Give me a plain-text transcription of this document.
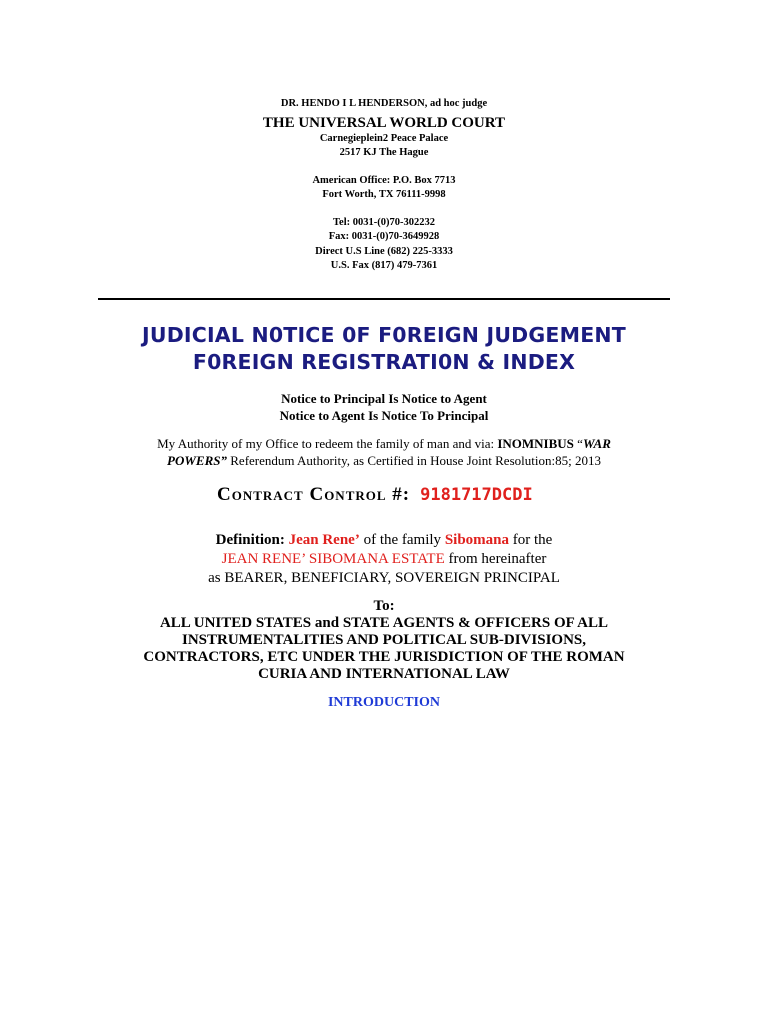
DR. HENDO I L HENDERSON, ad hoc judge
THE UNIVERSAL WORLD COURT
Carnegieplein2 Peace Palace
2517 KJ The Hague
American Office: P.O. Box 7713
Fort Worth, TX 76111-9998
Tel: 0031-(0)70-302232
Fax: 0031-(0)70-3649928
Direct U.S Line (682) 225-3333
U.S. Fax (817) 479-7361
JUDICIAL N0TICE 0F F0REIGN JUDGEMENT
F0REIGN REGISTRATI0N & INDEX
Notice to Principal Is Notice to Agent
Notice to Agent Is Notice To Principal
My Authority of my Office to redeem the family of man and via: INOMNIBUS “WAR POWERS” Referendum Authority, as Certified in House Joint Resolution:85; 2013
Contract Control #: 9181717DCDI
Definition: Jean Rene’ of the family Sibomana for the
JEAN RENE’ SIBOMANA ESTATE from hereinafter
as BEARER, BENEFICIARY, SOVEREIGN PRINCIPAL
To:
ALL UNITED STATES and STATE AGENTS & OFFICERS OF ALL
INSTRUMENTALITIES AND POLITICAL SUB-DIVISIONS,
CONTRACTORS, ETC UNDER THE JURISDICTION OF THE ROMAN
CURIA AND INTERNATIONAL LAW
INTRODUCTION
